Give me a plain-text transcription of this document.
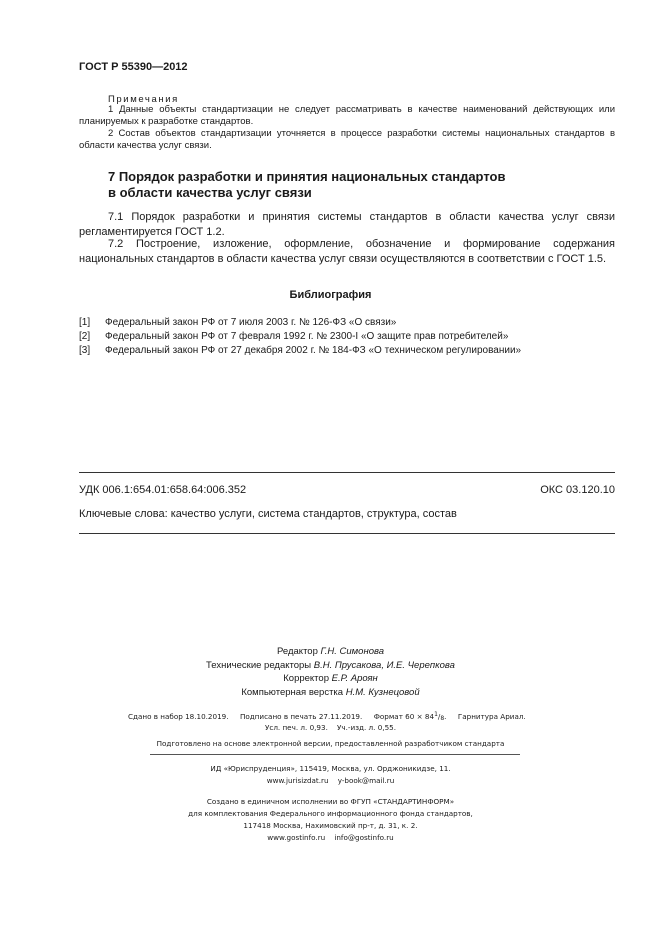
ГОСТ Р 55390—2012
Примечания
1 Данные объекты стандартизации не следует рассматривать в качестве наименований действующих или планируемых к разработке стандартов.
2 Состав объектов стандартизации уточняется в процессе разработки системы национальных стандартов в области качества услуг связи.
7 Порядок разработки и принятия национальных стандартов
в области качества услуг связи
7.1 Порядок разработки и принятия системы стандартов в области качества услуг связи регламентируется ГОСТ 1.2.
7.2 Построение, изложение, оформление, обозначение и формирование содержания национальных стандартов в области качества услуг связи осуществляются в соответствии с ГОСТ 1.5.
Библиография
[1] Федеральный закон РФ от 7 июля 2003 г. № 126-ФЗ «О связи»
[2] Федеральный закон РФ от 7 февраля 1992 г. № 2300-I «О защите прав потребителей»
[3] Федеральный закон РФ от 27 декабря 2002 г. № 184-ФЗ «О техническом регулировании»
УДК 006.1:654.01:658.64:006.352	ОКС 03.120.10
Ключевые слова: качество услуги, система стандартов, структура, состав
Редактор Г.Н. Симонова
Технические редакторы В.Н. Прусакова, И.Е. Черепкова
Корректор Е.Р. Ароян
Компьютерная верстка Н.М. Кузнецовой
Сдано в набор 18.10.2019. Подписано в печать 27.11.2019. Формат $60 \times 84^1/_8$. Гарнитура Ариал.
Усл. печ. л. 0,93. Уч.-изд. л. 0,55.
Подготовлено на основе электронной версии, предоставленной разработчиком стандарта
ИД «Юриспруденция», 115419, Москва, ул. Орджоникидзе, 11.
www.jurisizdat.ru y-book@mail.ru
Создано в единичном исполнении во ФГУП «СТАНДАРТИНФОРМ»
для комплектования Федерального информационного фонда стандартов,
117418 Москва, Нахимовский пр-т, д. 31, к. 2.
www.gostinfo.ru info@gostinfo.ru
